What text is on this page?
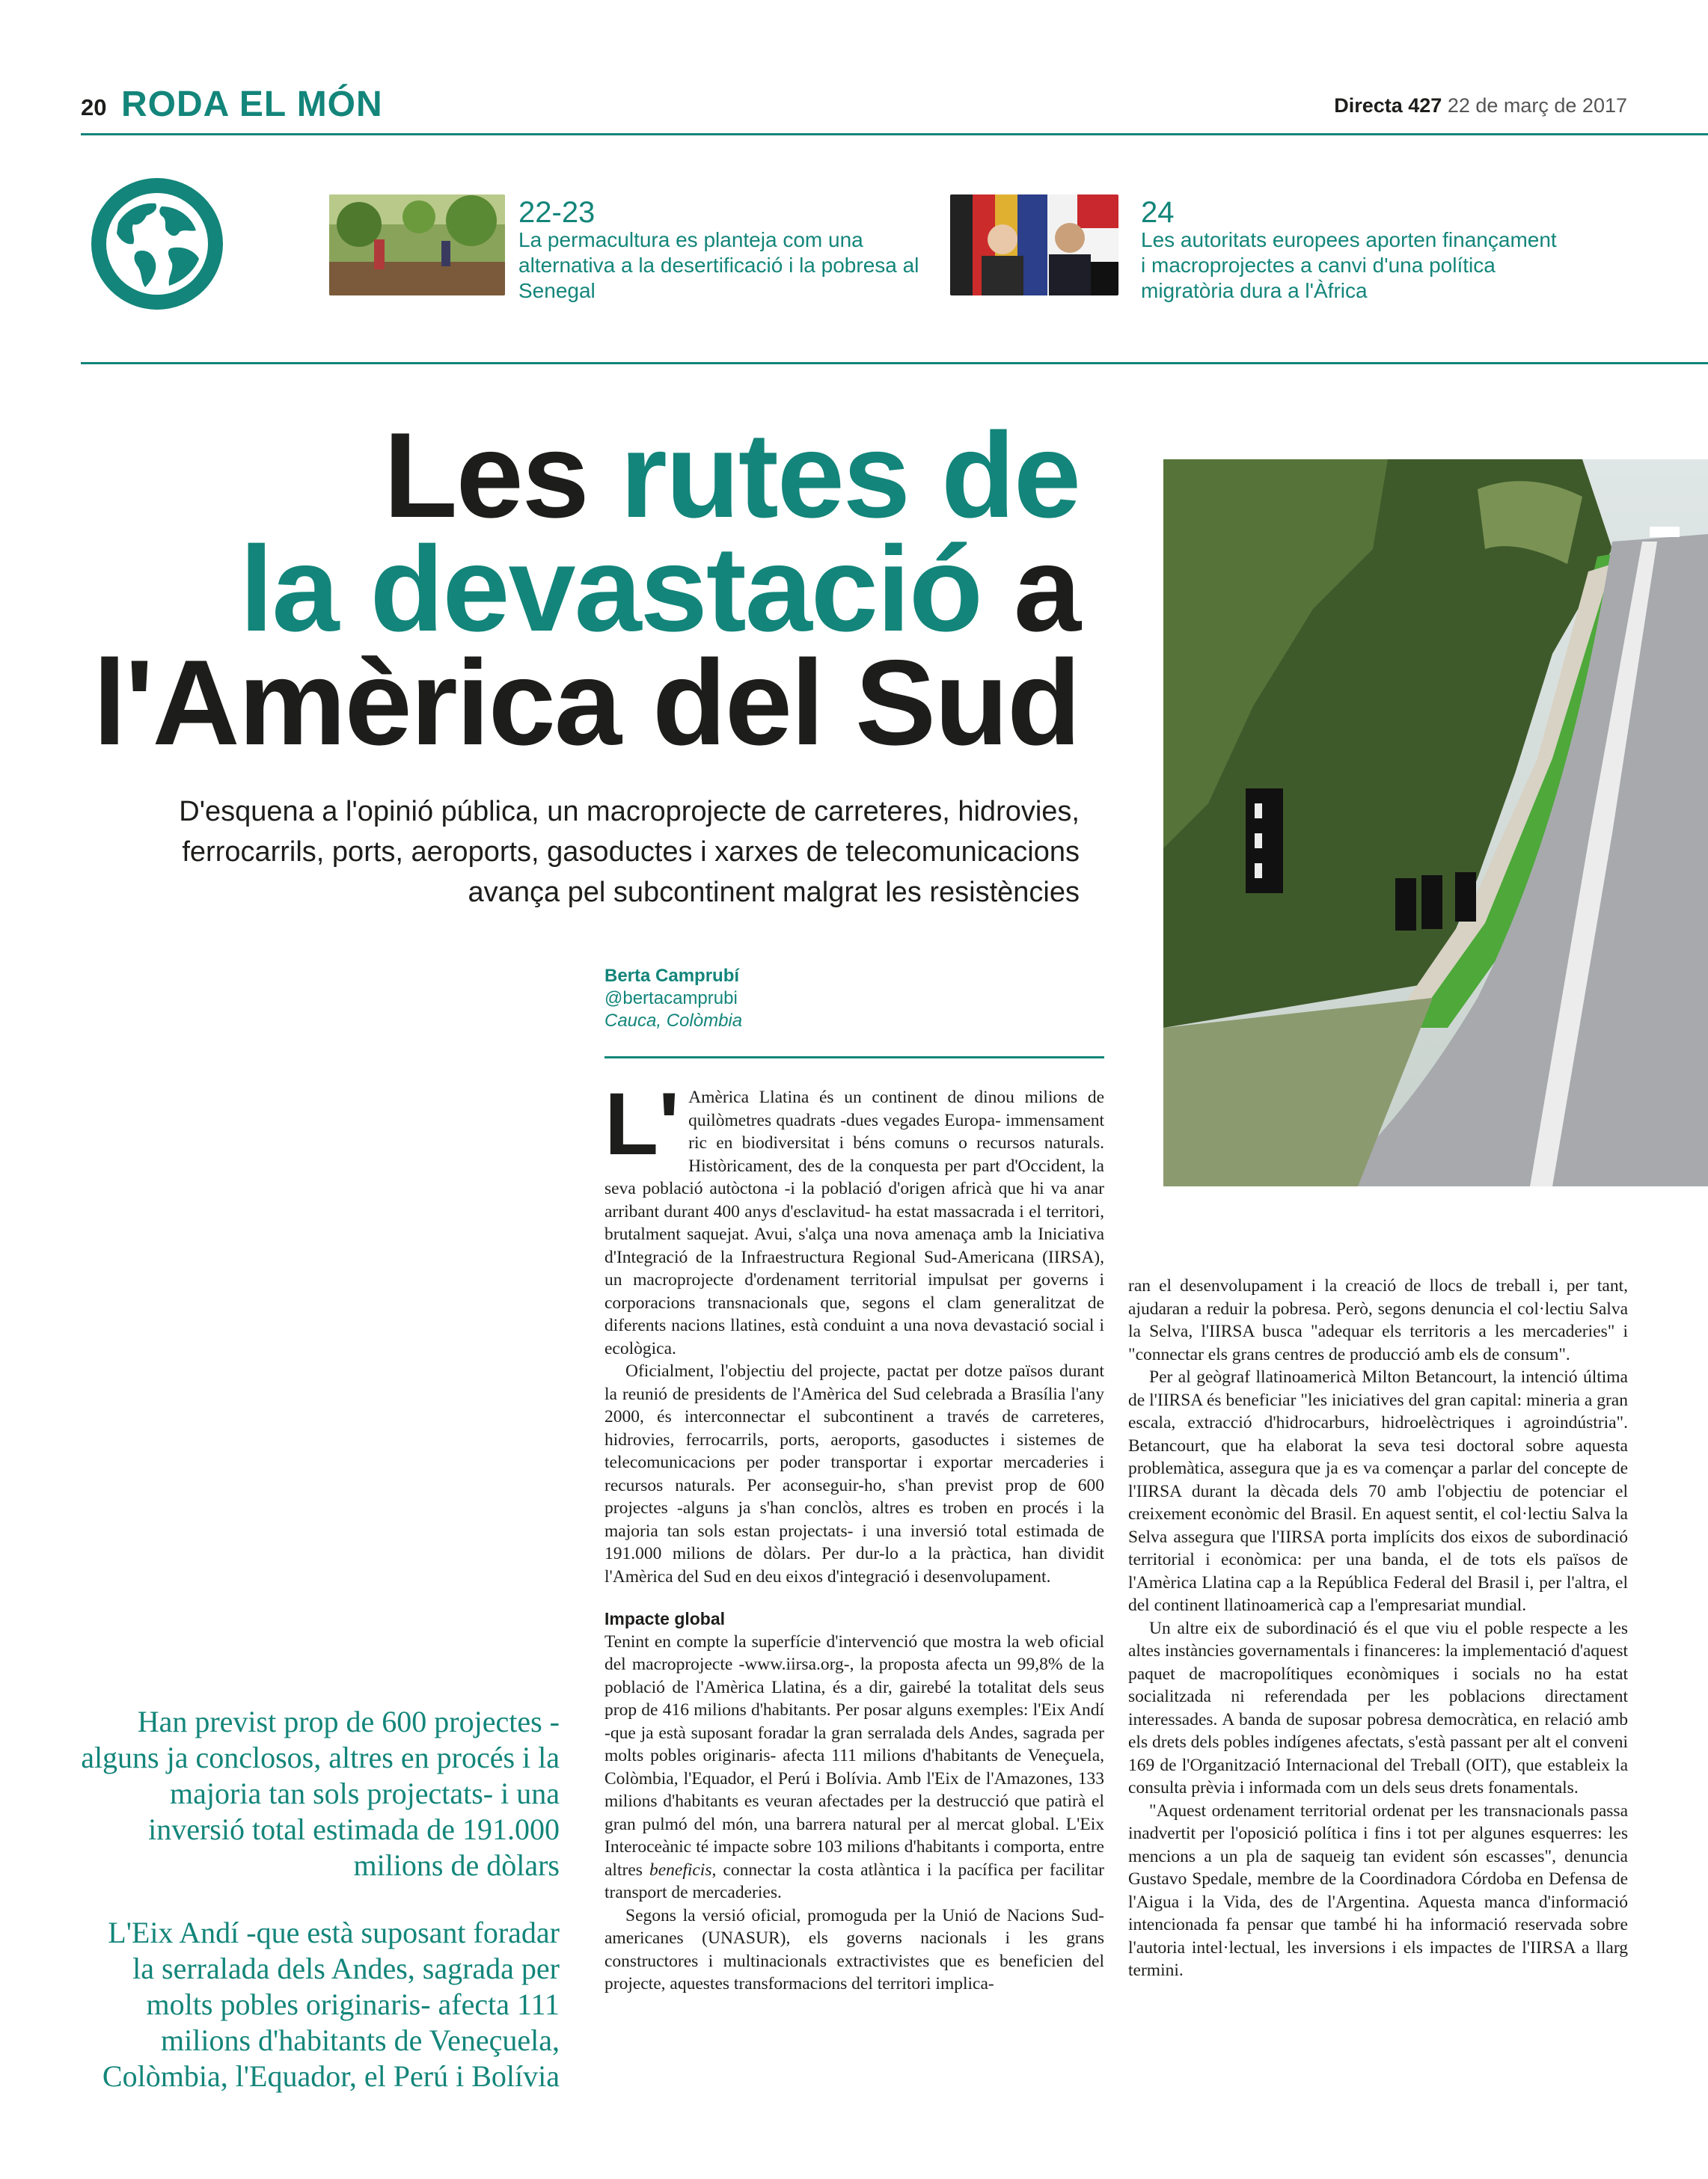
20 RODA EL MÓN	Directa 427 22 de març de 2017
22-23
La permacultura es planteja com una alternativa a la desertificació i la pobresa al Senegal
24
Les autoritats europees aporten finançament i macroprojectes a canvi d'una política migratòria dura a l'Àfrica
Les rutes de
la devastació a
l'Amèrica del Sud
D'esquena a l'opinió pública, un macroprojecte de carreteres, hidrovies, ferrocarrils, ports, aeroports, gasoductes i xarxes de telecomunicacions avança pel subcontinent malgrat les resistències
Berta Camprubí
@bertacamprubi
Cauca, Colòmbia

L' Amèrica Llatina és un continent de dinou milions de quilòmetres quadrats -dues vegades Europa- immensament ric en biodiversitat i béns comuns o recursos naturals. Històricament, des de la conquesta per part d'Occident, la seva població autòctona -i la població d'origen africà que hi va anar arribant durant 400 anys d'esclavitud- ha estat massacrada i el territori, brutalment saquejat. Avui, s'alça una nova amenaça amb la Iniciativa d'Integració de la Infraestructura Regional Sud-Americana (IIRSA), un macroprojecte d'ordenament territorial impulsat per governs i corporacions transnacionals que, segons el clam generalitzat de diferents nacions llatines, està conduint a una nova devastació social i ecològica.

Oficialment, l'objectiu del projecte, pactat per dotze països durant la reunió de presidents de l'Amèrica del Sud celebrada a Brasília l'any 2000, és interconnectar el subcontinent a través de carreteres, hidrovies, ferrocarrils, ports, aeroports, gasoductes i sistemes de telecomunicacions per poder transportar i exportar mercaderies i recursos naturals. Per aconseguir-ho, s'han previst prop de 600 projectes -alguns ja s'han conclòs, altres es troben en procés i la majoria tan sols estan projectats- i una inversió total estimada de 191.000 milions de dòlars. Per dur-lo a la pràctica, han dividit l'Amèrica del Sud en deu eixos d'integració i desenvolupament.

Impacte global

Tenint en compte la superfície d'intervenció que mostra la web oficial del macroprojecte -www.iirsa.org-, la proposta afecta un 99,8% de la població de l'Amèrica Llatina, és a dir, gairebé la totalitat dels seus prop de 416 milions d'habitants. Per posar alguns exemples: l'Eix Andí -que ja està suposant foradar la gran serralada dels Andes, sagrada per molts pobles originaris- afecta 111 milions d'habitants de Veneçuela, Colòmbia, l'Equador, el Perú i Bolívia. Amb l'Eix de l'Amazones, 133 milions d'habitants es veuran afectades per la destrucció que patirà el gran pulmó del món, una barrera natural per al mercat global. L'Eix Interoceànic té impacte sobre 103 milions d'habitants i comporta, entre altres beneficis, connectar la costa atlàntica i la pacífica per facilitar transport de mercaderies.

Segons la versió oficial, promoguda per la Unió de Nacions Sud-americanes (UNASUR), els governs nacionals i les grans constructores i multinacionals extractivistes que es beneficien del projecte, aquestes transformacions del territori implica-

ran el desenvolupament i la creació de llocs de treball i, per tant, ajudaran a reduir la pobresa. Però, segons denuncia el col·lectiu Salva la Selva, l'IIRSA busca "adequar els territoris a les mercaderies" i "connectar els grans centres de producció amb els de consum".

Per al geògraf llatinoamericà Milton Betancourt, la intenció última de l'IIRSA és beneficiar "les iniciatives del gran capital: mineria a gran escala, extracció d'hidrocarburs, hidroelèctriques i agroindústria". Betancourt, que ha elaborat la seva tesi doctoral sobre aquesta problemàtica, assegura que ja es va començar a parlar del concepte de l'IIRSA durant la dècada dels 70 amb l'objectiu de potenciar el creixement econòmic del Brasil. En aquest sentit, el col·lectiu Salva la Selva assegura que l'IIRSA porta implícits dos eixos de subordinació territorial i econòmica: per una banda, el de tots els països de l'Amèrica Llatina cap a la República Federal del Brasil i, per l'altra, el del continent llatinoamericà cap a l'empresariat mundial.

Un altre eix de subordinació és el que viu el poble respecte a les altes instàncies governamentals i financeres: la implementació d'aquest paquet de macropolítiques econòmiques i socials no ha estat socialitzada ni referendada per les poblacions directament interessades. A banda de suposar pobresa democràtica, en relació amb els drets dels pobles indígenes afectats, s'està passant per alt el conveni 169 de l'Organització Internacional del Treball (OIT), que estableix la consulta prèvia i informada com un dels seus drets fonamentals.

"Aquest ordenament territorial ordenat per les transnacionals passa inadvertit per l'oposició política i fins i tot per algunes esquerres: les mencions a un pla de saqueig tan evident són escasses", denuncia Gustavo Spedale, membre de la Coordinadora Córdoba en Defensa de l'Aigua i la Vida, des de l'Argentina. Aquesta manca d'informació intencionada fa pensar que també hi ha informació reservada sobre l'autoria intel·lectual, les inversions i els impactes de l'IIRSA a llarg termini.

Han previst prop de 600 projectes -alguns ja conclosos, altres en procés i la majoria tan sols projectats- i una inversió total estimada de 191.000 milions de dòlars
L'Eix Andí -que està suposant foradar la serralada dels Andes, sagrada per molts pobles originaris- afecta 111 milions d'habitants de Veneçuela, Colòmbia, l'Equador, el Perú i Bolívia
